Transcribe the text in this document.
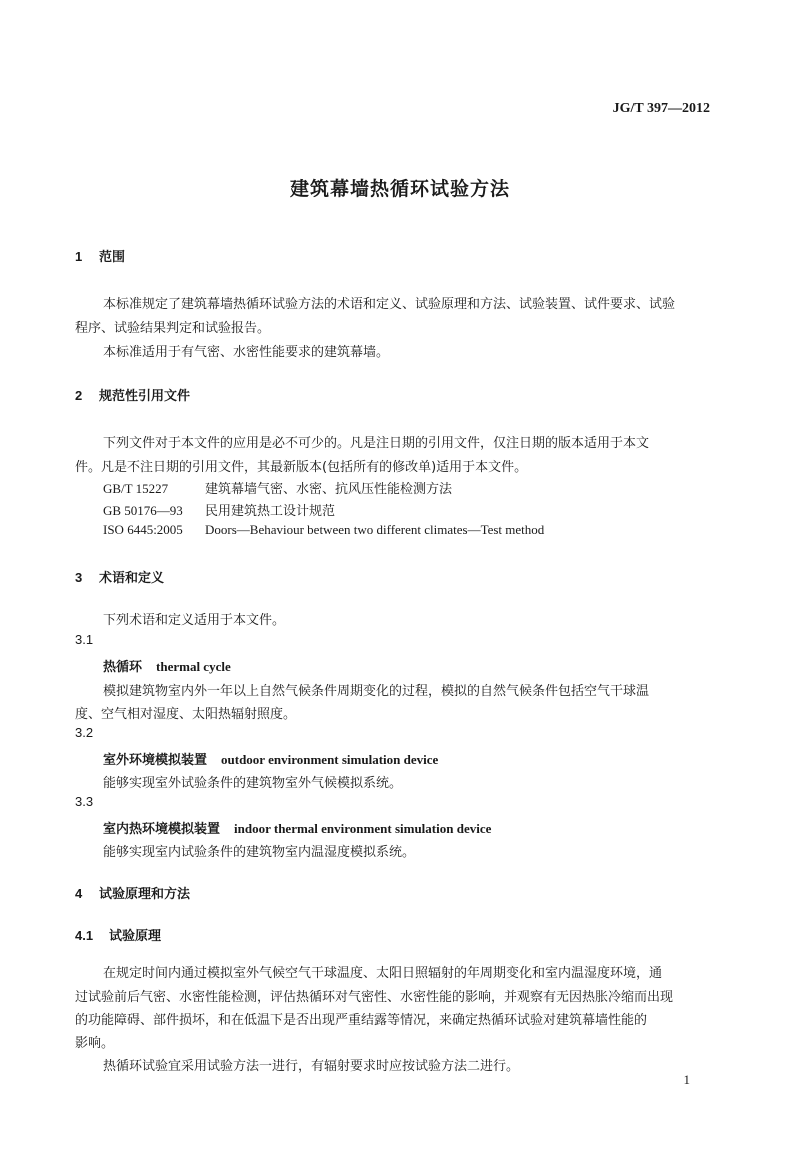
JG/T 397—2012
建筑幕墙热循环试验方法
1 范围
本标准规定了建筑幕墙热循环试验方法的术语和定义、试验原理和方法、试验装置、试件要求、试验
程序、试验结果判定和试验报告。
本标准适用于有气密、水密性能要求的建筑幕墙。
2 规范性引用文件
下列文件对于本文件的应用是必不可少的。凡是注日期的引用文件，仅注日期的版本适用于本文
件。凡是不注日期的引用文件，其最新版本(包括所有的修改单)适用于本文件。
GB/T 15227	建筑幕墙气密、水密、抗风压性能检测方法
GB 50176—93 民用建筑热工设计规范
ISO 6445:2005 Doors—Behaviour between two different climates—Test method
3 术语和定义
下列术语和定义适用于本文件。
3.1
热循环 thermal cycle
模拟建筑物室内外一年以上自然气候条件周期变化的过程，模拟的自然气候条件包括空气干球温
度、空气相对湿度、太阳热辐射照度。
3.2
室外环境模拟装置 outdoor environment simulation device
能够实现室外试验条件的建筑物室外气候模拟系统。
3.3
室内热环境模拟装置 indoor thermal environment simulation device
能够实现室内试验条件的建筑物室内温湿度模拟系统。
4 试验原理和方法
4.1 试验原理
在规定时间内通过模拟室外气候空气干球温度、太阳日照辐射的年周期变化和室内温湿度环境，通
过试验前后气密、水密性能检测，评估热循环对气密性、水密性能的影响，并观察有无因热胀冷缩而出现
的功能障碍、部件损坏，和在低温下是否出现严重结露等情况，来确定热循环试验对建筑幕墙性能的
影响。
热循环试验宜采用试验方法一进行，有辐射要求时应按试验方法二进行。
1
